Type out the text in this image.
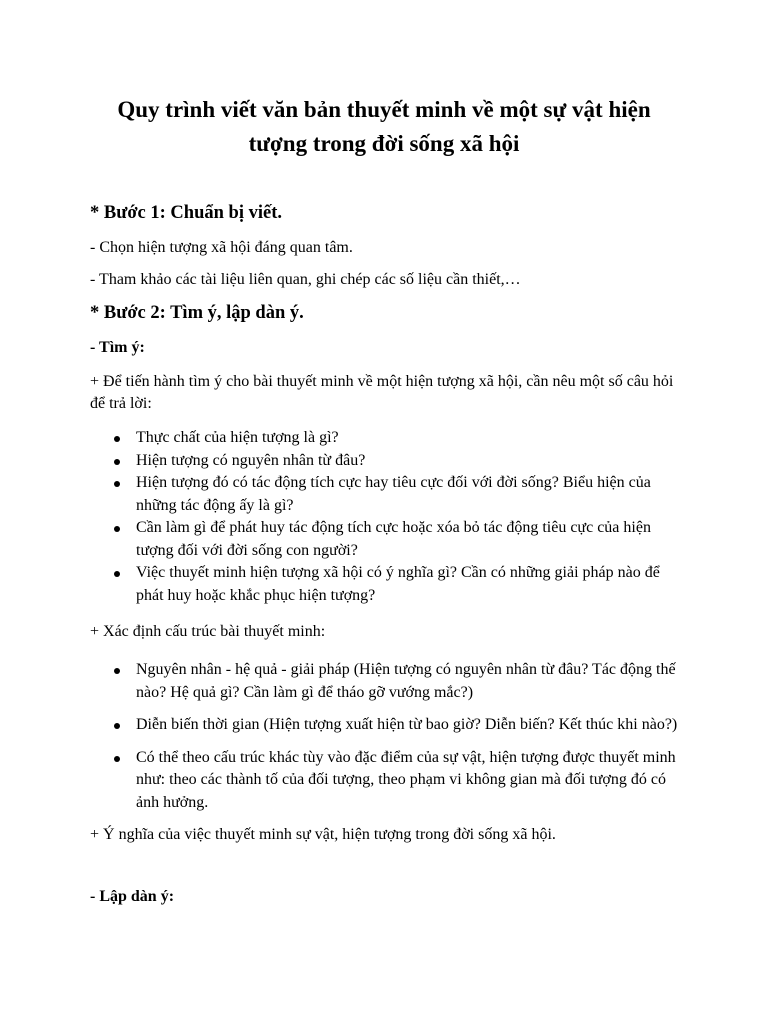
Quy trình viết văn bản thuyết minh về một sự vật hiện tượng trong đời sống xã hội
* Bước 1: Chuẩn bị viết.

- Chọn hiện tượng xã hội đáng quan tâm.

- Tham khảo các tài liệu liên quan, ghi chép các số liệu cần thiết,…

* Bước 2: Tìm ý, lập dàn ý.

- Tìm ý:

+ Để tiến hành tìm ý cho bài thuyết minh về một hiện tượng xã hội, cần nêu một số câu hỏi để trả lời:

Thực chất của hiện tượng là gì?
Hiện tượng có nguyên nhân từ đâu?
Hiện tượng đó có tác động tích cực hay tiêu cực đối với đời sống? Biểu hiện của những tác động ấy là gì?
Cần làm gì để phát huy tác động tích cực hoặc xóa bỏ tác động tiêu cực của hiện tượng đối với đời sống con người?
Việc thuyết minh hiện tượng xã hội có ý nghĩa gì? Cần có những giải pháp nào để phát huy hoặc khắc phục hiện tượng?

+ Xác định cấu trúc bài thuyết minh:

Nguyên nhân - hệ quả - giải pháp (Hiện tượng có nguyên nhân từ đâu? Tác động thế nào? Hệ quả gì? Cần làm gì để tháo gỡ vướng mắc?)
Diễn biến thời gian (Hiện tượng xuất hiện từ bao giờ? Diễn biến? Kết thúc khi nào?)
Có thể theo cấu trúc khác tùy vào đặc điểm của sự vật, hiện tượng được thuyết minh như: theo các thành tố của đối tượng, theo phạm vi không gian mà đối tượng đó có ảnh hưởng.

+ Ý nghĩa của việc thuyết minh sự vật, hiện tượng trong đời sống xã hội.

- Lập dàn ý:
